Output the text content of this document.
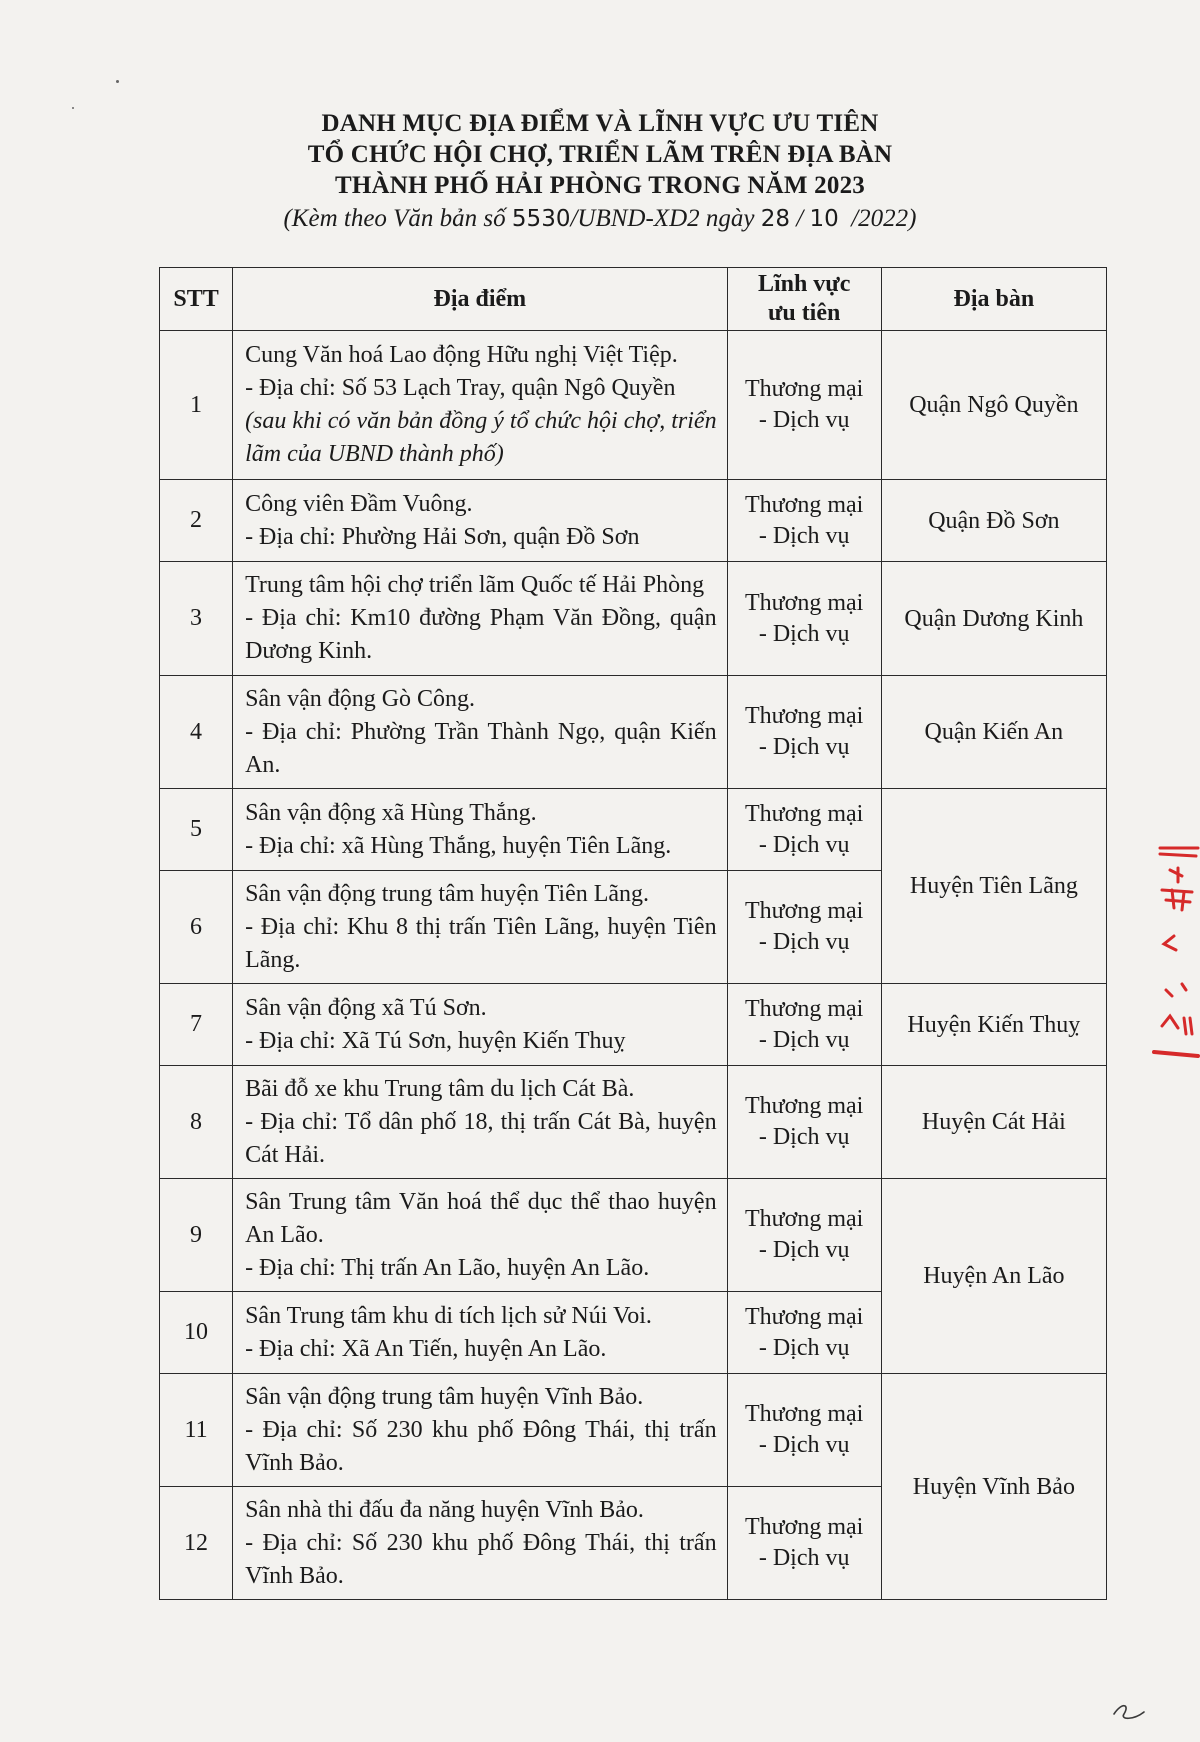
DANH MỤC ĐỊA ĐIỂM VÀ LĨNH VỰC ƯU TIÊN
TỔ CHỨC HỘI CHỢ, TRIỂN LÃM TRÊN ĐỊA BÀN
THÀNH PHỐ HẢI PHÒNG TRONG NĂM 2023
(Kèm theo Văn bản số 5530/UBND-XD2 ngày 28 / 10 /2022)
STT	Địa điểm	Lĩnh vực
ưu tiên	Địa bàn
1	Cung Văn hoá Lao động Hữu nghị Việt Tiệp.
- Địa chỉ: Số 53 Lạch Tray, quận Ngô Quyền
(sau khi có văn bản đồng ý tổ chức hội chợ, triển lãm của UBND thành phố)	Thương mại
- Dịch vụ	Quận Ngô Quyền
2	Công viên Đầm Vuông.
- Địa chỉ: Phường Hải Sơn, quận Đồ Sơn	Thương mại
- Dịch vụ	Quận Đồ Sơn
3	Trung tâm hội chợ triển lãm Quốc tế Hải Phòng
- Địa chỉ: Km10 đường Phạm Văn Đồng, quận Dương Kinh.	Thương mại
- Dịch vụ	Quận Dương Kinh
4	Sân vận động Gò Công.
- Địa chỉ: Phường Trần Thành Ngọ, quận Kiến An.	Thương mại
- Dịch vụ	Quận Kiến An
5	Sân vận động xã Hùng Thắng.
- Địa chỉ: xã Hùng Thắng, huyện Tiên Lãng.	Thương mại
- Dịch vụ	Huyện Tiên Lãng
6	Sân vận động trung tâm huyện Tiên Lãng.
- Địa chỉ: Khu 8 thị trấn Tiên Lãng, huyện Tiên Lãng.	Thương mại
- Dịch vụ	

7	Sân vận động xã Tú Sơn.
- Địa chỉ: Xã Tú Sơn, huyện Kiến Thuỵ	Thương mại
- Dịch vụ	Huyện Kiến Thuỵ
8	Bãi đỗ xe khu Trung tâm du lịch Cát Bà.
- Địa chỉ: Tổ dân phố 18, thị trấn Cát Bà, huyện Cát Hải.	Thương mại
- Dịch vụ	Huyện Cát Hải
9	Sân Trung tâm Văn hoá thể dục thể thao huyện An Lão.
- Địa chỉ: Thị trấn An Lão, huyện An Lão.	Thương mại
- Dịch vụ	Huyện An Lão
10	Sân Trung tâm khu di tích lịch sử Núi Voi.
- Địa chỉ: Xã An Tiến, huyện An Lão.	Thương mại
- Dịch vụ	

11	Sân vận động trung tâm huyện Vĩnh Bảo.
- Địa chỉ: Số 230 khu phố Đông Thái, thị trấn Vĩnh Bảo.	Thương mại
- Dịch vụ	Huyện Vĩnh Bảo
12	Sân nhà thi đấu đa năng huyện Vĩnh Bảo.
- Địa chỉ: Số 230 khu phố Đông Thái, thị trấn Vĩnh Bảo.	Thương mại
- Dịch vụ	
